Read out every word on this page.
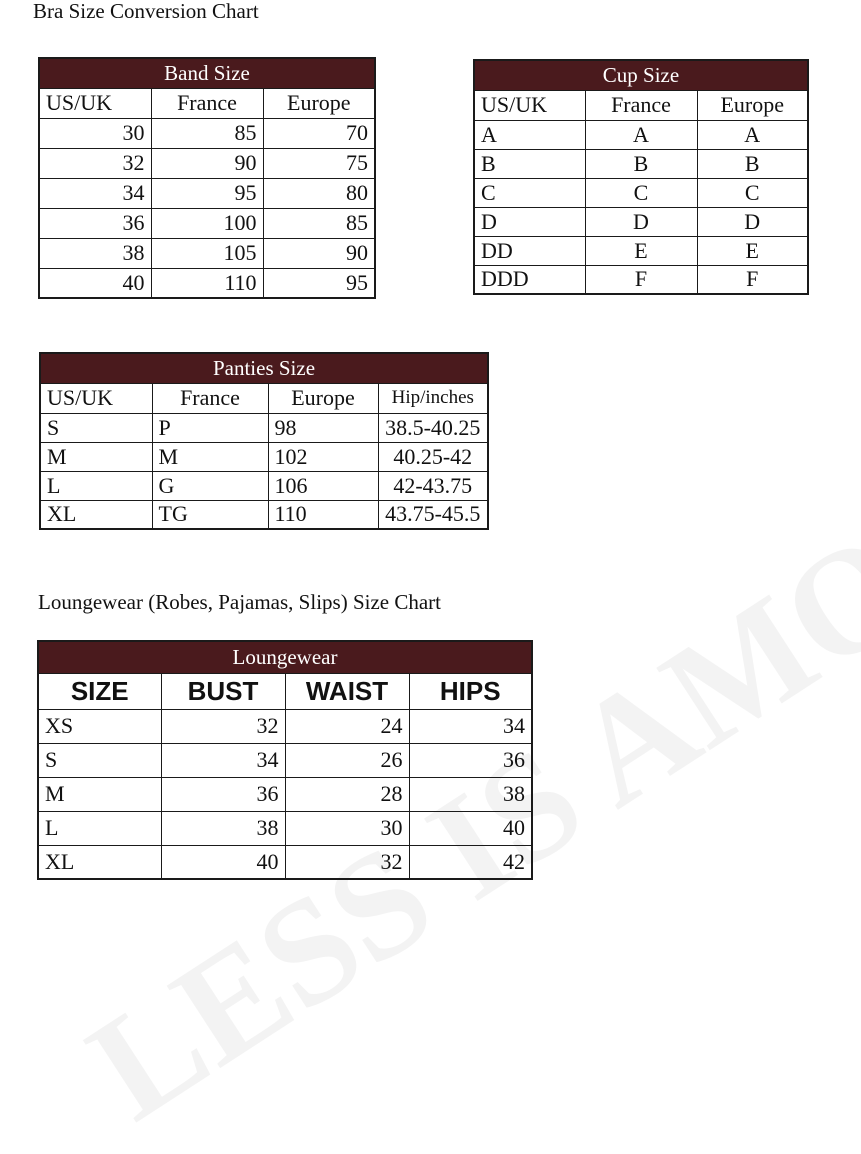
Bra Size Conversion Chart
Band Size		
US/UK	France	Europe
30	85	70
32	90	75
34	95	80
36	100	85
38	105	90
40	110	95
Cup Size		
US/UK	France	Europe
A	A	A
B	B	B
C	C	C
D	D	D
DD	E	E
DDD	F	F
Panties Size			
US/UK	France	Europe	Hip/inches
S	P	98	38.5-40.25
M	M	102	40.25-42
L	G	106	42-43.75
XL	TG	110	43.75-45.5
Loungewear (Robes, Pajamas, Slips) Size Chart
Loungewear			
SIZE	BUST	WAIST	HIPS
XS	32	24	34
S	34	26	36
M	36	28	38
L	38	30	40
XL	40	32	42
